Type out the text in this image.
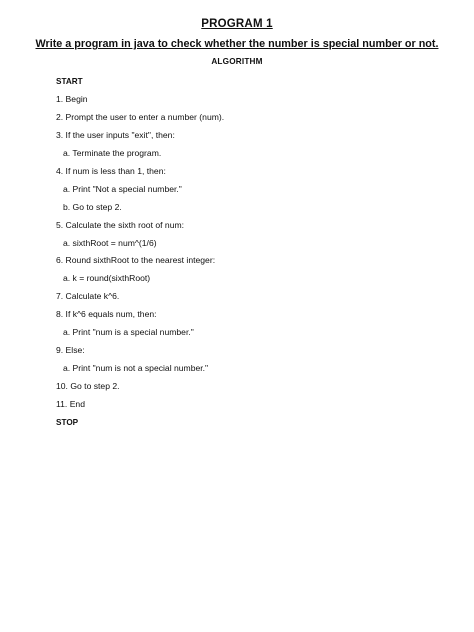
PROGRAM 1
Write a program in java to check whether the number is special number or not.
ALGORITHM
START
1. Begin
2. Prompt the user to enter a number (num).
3. If the user inputs "exit", then:
a. Terminate the program.
4. If num is less than 1, then:
a. Print "Not a special number."
b. Go to step 2.
5. Calculate the sixth root of num:
a. sixthRoot = num^(1/6)
6. Round sixthRoot to the nearest integer:
a. k = round(sixthRoot)
7. Calculate k^6.
8. If k^6 equals num, then:
a. Print "num is a special number."
9. Else:
a. Print "num is not a special number."
10. Go to step 2.
11. End
STOP
